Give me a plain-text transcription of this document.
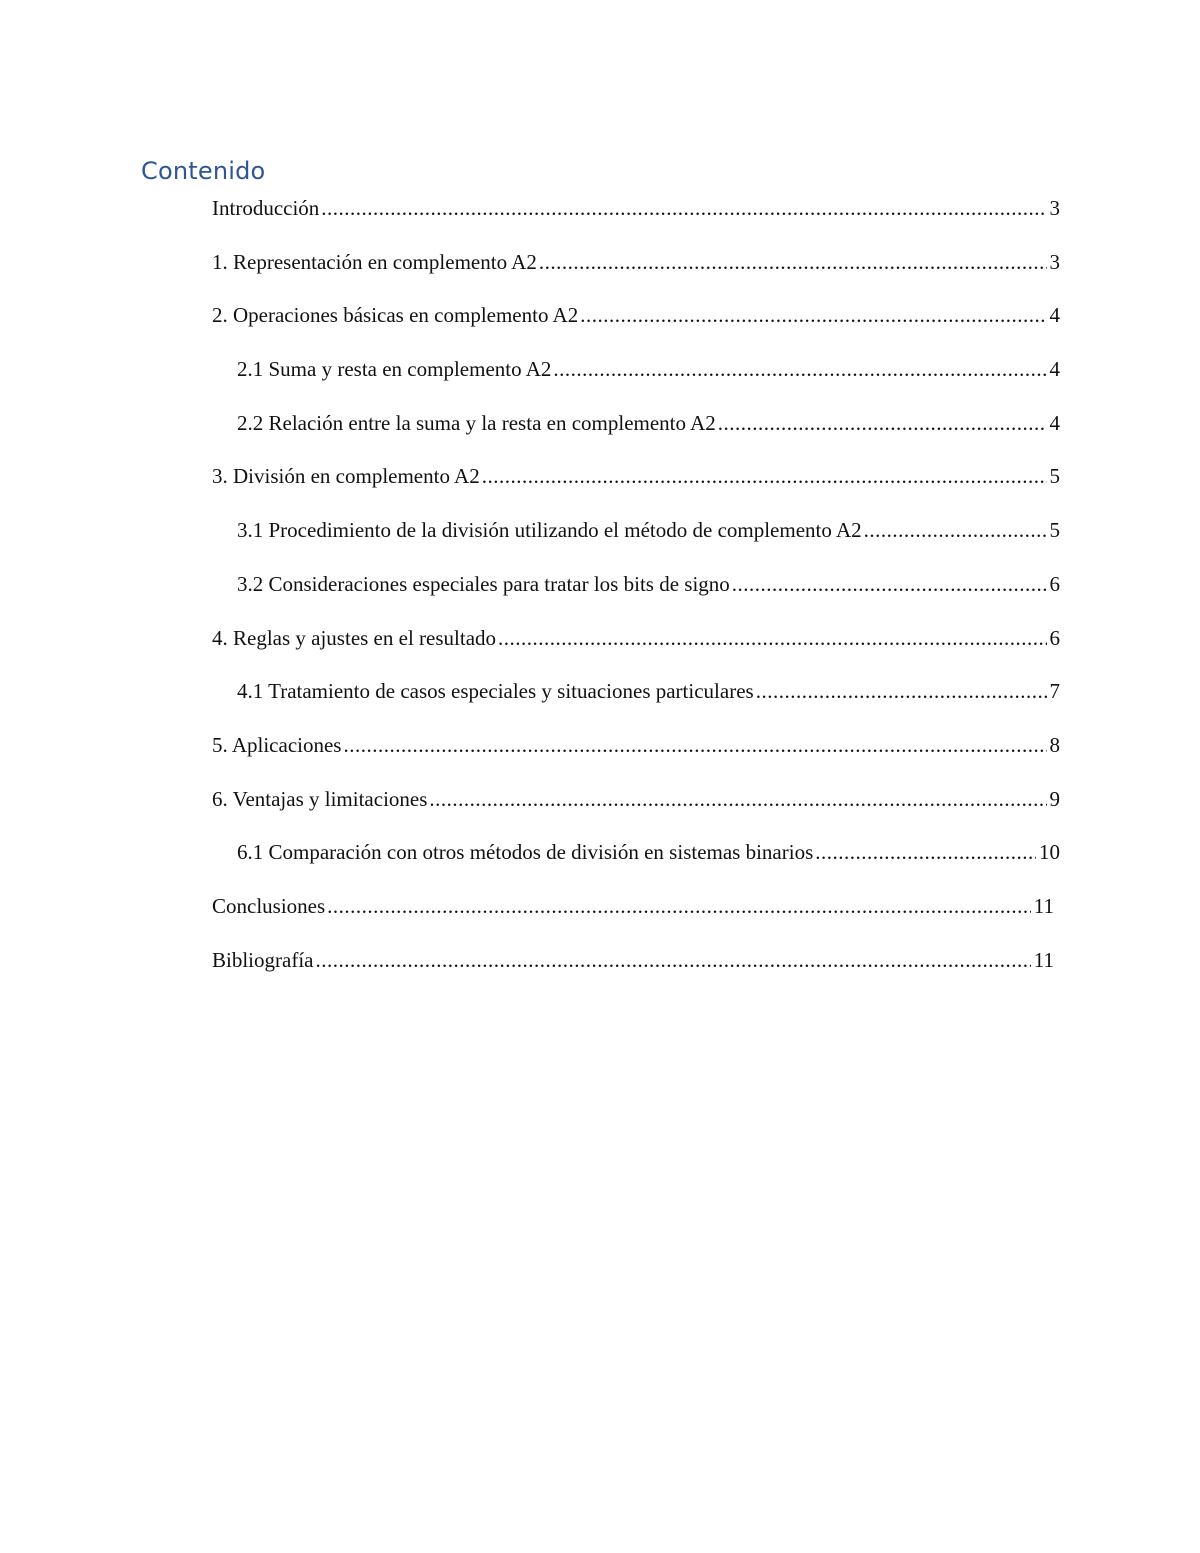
Contenido
Introducción .....	3
1. Representación en complemento A2 .....	3
2. Operaciones básicas en complemento A2 .....	4
2.1 Suma y resta en complemento A2 .....	4
2.2 Relación entre la suma y la resta en complemento A2 .....	4
3. División en complemento A2 .....	5
3.1 Procedimiento de la división utilizando el método de complemento A2 .....	5
3.2 Consideraciones especiales para tratar los bits de signo .....	6
4. Reglas y ajustes en el resultado .....	6
4.1 Tratamiento de casos especiales y situaciones particulares .....	7
5. Aplicaciones .....	8
6. Ventajas y limitaciones .....	9
6.1 Comparación con otros métodos de división en sistemas binarios .....	10
Conclusiones .....	11
Bibliografía .....	11
